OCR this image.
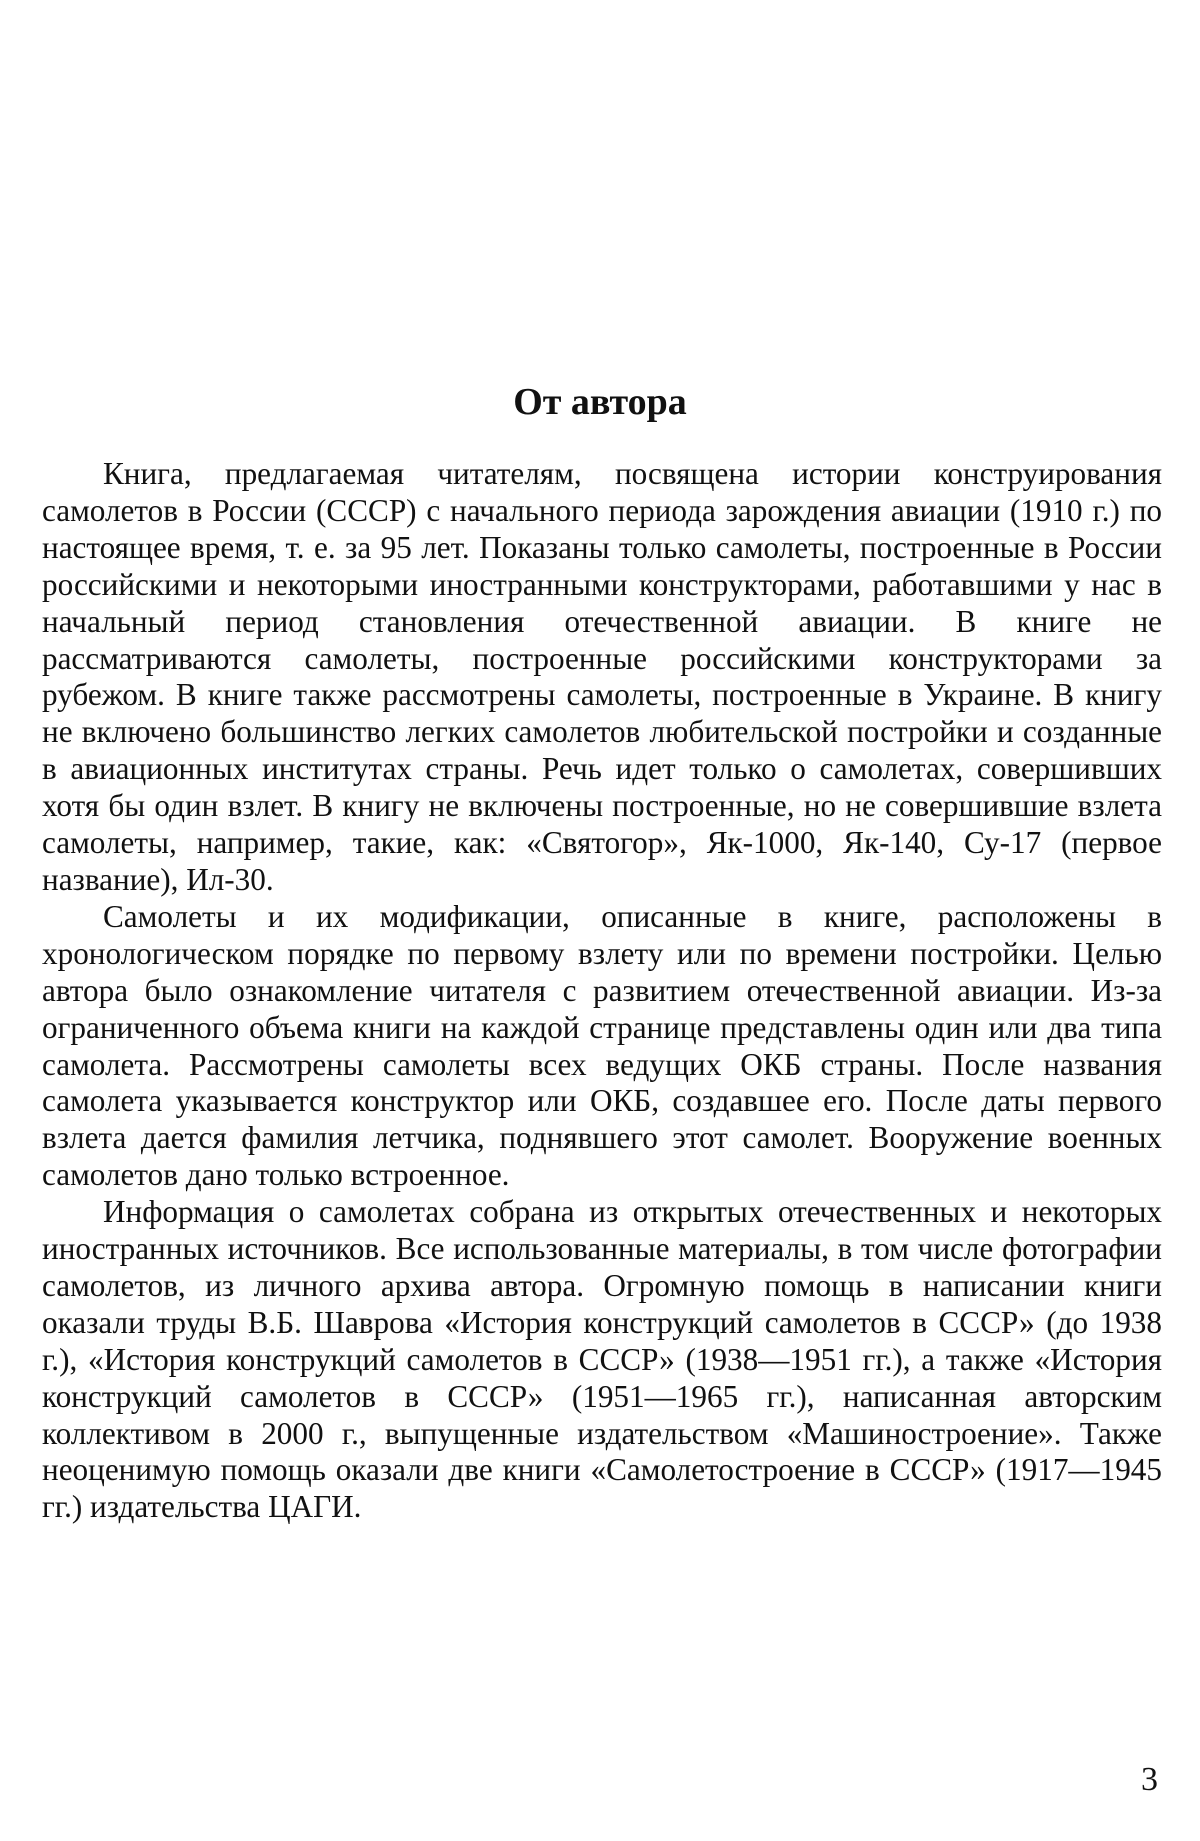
От автора

Книга, предлагаемая читателям, посвящена истории конструирования самолетов в России (СССР) с начального периода зарождения авиации (1910 г.) по настоящее время, т. е. за 95 лет. Показаны только самолеты, построенные в России российскими и некоторыми иностранными конструкторами, работавшими у нас в начальный период становления отечественной авиации. В книге не рассматриваются самолеты, построенные российскими конструкторами за рубежом. В книге также рассмотрены самолеты, построенные в Украине. В книгу не включено большинство легких самолетов любительской постройки и созданные в авиационных институтах страны. Речь идет только о самолетах, совершивших хотя бы один взлет. В книгу не включены построенные, но не совершившие взлета самолеты, например, такие, как: «Святогор», Як-1000, Як-140, Су-17 (первое название), Ил-30.

Самолеты и их модификации, описанные в книге, расположены в хронологическом порядке по первому взлету или по времени постройки. Целью автора было ознакомление читателя с развитием отечественной авиации. Из-за ограниченного объема книги на каждой странице представлены один или два типа самолета. Рассмотрены самолеты всех ведущих ОКБ страны. После названия самолета указывается конструктор или ОКБ, создавшее его. После даты первого взлета дается фамилия летчика, поднявшего этот самолет. Вооружение военных самолетов дано только встроенное.

Информация о самолетах собрана из открытых отечественных и некоторых иностранных источников. Все использованные материалы, в том числе фотографии самолетов, из личного архива автора. Огромную помощь в написании книги оказали труды В.Б. Шаврова «История конструкций самолетов в СССР» (до 1938 г.), «История конструкций самолетов в СССР» (1938—1951 гг.), а также «История конструкций самолетов в СССР» (1951—1965 гг.), написанная авторским коллективом в 2000 г., выпущенные издательством «Машиностроение». Также неоценимую помощь оказали две книги «Самолетостроение в СССР» (1917—1945 гг.) издательства ЦАГИ.

3
